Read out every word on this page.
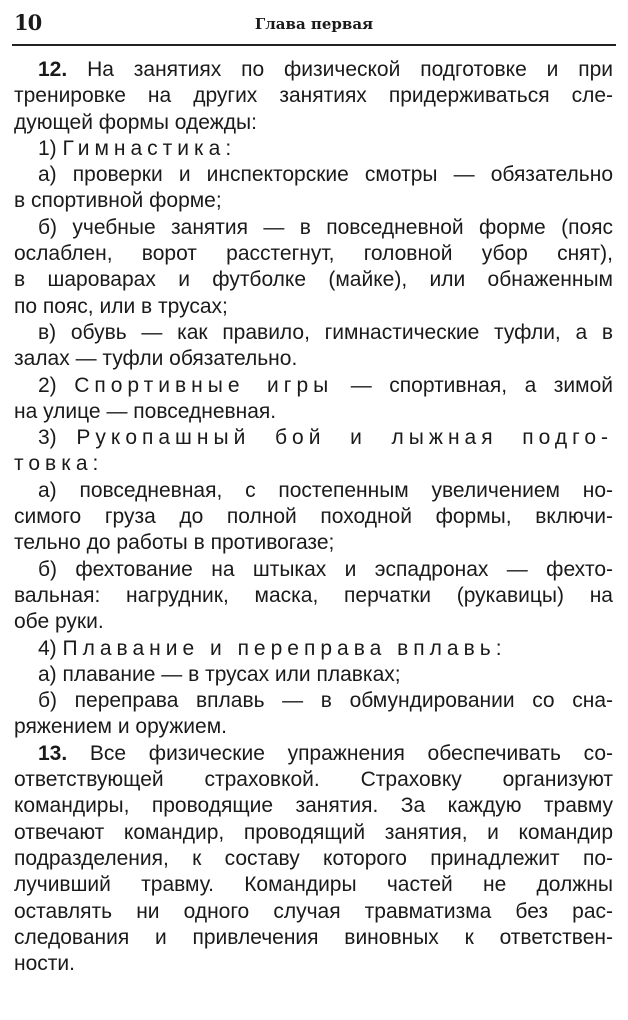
10	Глава первая
12. На занятиях по физической подготовке и при
тренировке на других занятиях придерживаться сле-
дующей формы одежды:
1) Гимнастика:
а) проверки и инспекторские смотры — обязательно
в спортивной форме;
б) учебные занятия — в повседневной форме (пояс
ослаблен, ворот расстегнут, головной убор снят),
в шароварах и футболке (майке), или обнаженным
по пояс, или в трусах;
в) обувь — как правило, гимнастические туфли, а в
залах — туфли обязательно.
2) Спортивные игры — спортивная, а зимой
на улице — повседневная.
3) Рукопашный бой и лыжная подго-
товка:
а) повседневная, с постепенным увеличением но-
симого груза до полной походной формы, включи-
тельно до работы в противогазе;
б) фехтование на штыках и эспадронах — фехто-
вальная: нагрудник, маска, перчатки (рукавицы) на
обе руки.
4) Плавание и переправа вплавь:
а) плавание — в трусах или плавках;
б) переправа вплавь — в обмундировании со сна-
ряжением и оружием.
13. Все физические упражнения обеспечивать со-
ответствующей страховкой. Страховку организуют
командиры, проводящие занятия. За каждую травму
отвечают командир, проводящий занятия, и командир
подразделения, к составу которого принадлежит по-
лучивший травму. Командиры частей не должны
оставлять ни одного случая травматизма без рас-
следования и привлечения виновных к ответствен-
ности.
